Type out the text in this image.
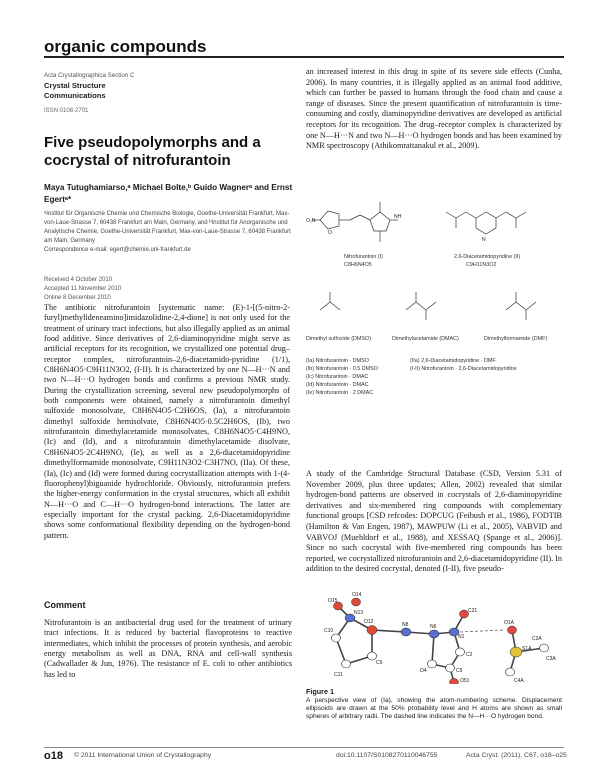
organic compounds
Acta Crystallographica Section C
Crystal Structure
Communications
ISSN 0108-2701
Five pseudopolymorphs and a cocrystal of nitrofurantoin
Maya Tutughamiarso,ᵃ Michael Bolte,ᵇ Guido Wagnerᵃ and Ernst Egertᵃ*
ᵃInstitut für Organische Chemie und Chemische Biologie, Goethe-Universität Frankfurt, Max-von-Laue-Strasse 7, 60438 Frankfurt am Main, Germany, and ᵇInstitut für Anorganische und Analytische Chemie, Goethe-Universität Frankfurt, Max-von-Laue-Strasse 7, 60438 Frankfurt am Main, Germany
Correspondence e-mail: egert@chemie.uni-frankfurt.de
Received 4 October 2010
Accepted 11 November 2010
Online 8 December 2010
The antibiotic nitrofurantoin [systematic name: (E)-1-[(5-nitro-2-furyl)methylideneamino]imidazolidine-2,4-dione] is not only used for the treatment of urinary tract infections, but also illegally applied as an animal food additive. Since derivatives of 2,6-diaminopyridine might serve as artificial receptors for its recognition, we crystallized one potential drug–receptor complex, nitrofurantoin–2,6-diacetamido-pyridine (1/1), C8H6N4O5·C9H11N3O2, (I-II). It is characterized by one N—H···N and two N—H···O hydrogen bonds and confirms a previous NMR study. During the crystallization screening, several new pseudopolymorphs of both components were obtained, namely a nitrofurantoin dimethyl sulfoxide monosolvate, C8H6N4O5·C2H6OS, (Ia), a nitrofurantoin dimethyl sulfoxide hemisolvate, C8H6N4O5·0.5C2H6OS, (Ib), two nitrofurantoin dimethylacetamide monosolvates, C8H6N4O5·C4H9NO, (Ic) and (Id), and a nitrofurantoin dimethylacetamide disolvate, C8H6N4O5·2C4H9NO, (Ie), as well as a 2,6-diacetamidopyridine dimethylformamide monosolvate, C9H11N3O2·C3H7NO, (IIa). Of these, (Ia), (Ic) and (Id) were formed during cocrystallization attempts with 1-(4-fluorophenyl)biguanide hydrochloride. Obviously, nitrofurantoin prefers the higher-energy conformation in the crystal structures, which all exhibit N—H···O and C—H···O hydrogen-bond interactions. The latter are especially important for the crystal packing. 2,6-Diacetamidopyridine shows some conformational flexibility depending on the hydrogen-bond pattern.
Comment
Nitrofurantoin is an antibacterial drug used for the treatment of urinary tract infections. It is reduced by bacterial flavoproteins to reactive intermediates, which inhibit the processes of protein synthesis, and aerobic energy metabolism as well as DNA, RNA and cell-wall synthesis (Cadwallader & Jun, 1976). The resistance of E. coli to other antibiotics has led to
an increased interest in this drug in spite of its severe side effects (Cunha, 2006). In many countries, it is illegally applied as an animal food additive, which can further be passed to humans through the food chain and cause a range of diseases. Since the present quantification of nitrofurantoin is time-consuming and costly, diaminopyridine derivatives are developed as artificial receptors for its recognition. The drug–receptor complex is characterized by one N—H···N and two N—H···O hydrogen bonds and has been examined by NMR spectroscopy (Athikomrattanakul et al., 2009).
O₂N
O
NH
N
Nitrofurantoin (I)
C8H6N4O5
2,6-Diacetamidopyridine (II)
C9H11N3O2
Dimethyl sulfoxide (DMSO)	Dimethylacetamide (DMAC)	Dimethylformamide (DMF)
(Ia) Nitrofurantoin · DMSO
(Ib) Nitrofurantoin · 0.5 DMSO
(Ic) Nitrofurantoin · DMAC
(Id) Nitrofurantoin · DMAC
(Ie) Nitrofurantoin · 2 DMAC
(IIa) 2,6-Diacetamidopyridine · DMF
(I-II) Nitrofurantoin · 2,6-Diacetamidopyridine
A study of the Cambridge Structural Database (CSD, Version 5.31 of November 2009, plus three updates; Allen, 2002) revealed that similar hydrogen-bond patterns are observed in cocrystals of 2,6-diaminopyridine derivatives and six-membered ring compounds with complementary functional groups [CSD refcodes: DOPCUG (Feibush et al., 1986), FODTIB (Hamilton & Van Engen, 1987), MAWPUW (Li et al., 2005), VABVID and VABVOJ (Muehldorf et al., 1988), and XESSAQ (Spange et al., 2006)]. Since no such cocrystal with five-membered ring compounds has been reported, we cocrystallized nitrofurantoin and 2,6-diacetamidopyridine (II). In addition to the desired cocrystal, denoted (I-II), five pseudo-
O15
O14
N13
C10
C11
O12
C9
N8	N6
N1
C2
C21
C5
O4
O51
O1A
S1A
C2A
C3A
C4A
Figure 1
A perspective view of (Ia), showing the atom-numbering scheme. Displacement ellipsoids are drawn at the 50% probability level and H atoms are shown as small spheres of arbitrary radii. The dashed line indicates the N—H···O hydrogen bond.
o18 © 2011 International Union of Crystallography	doi:10.1107/S0108270110046755	Acta Cryst. (2011). C67, o18–o25
